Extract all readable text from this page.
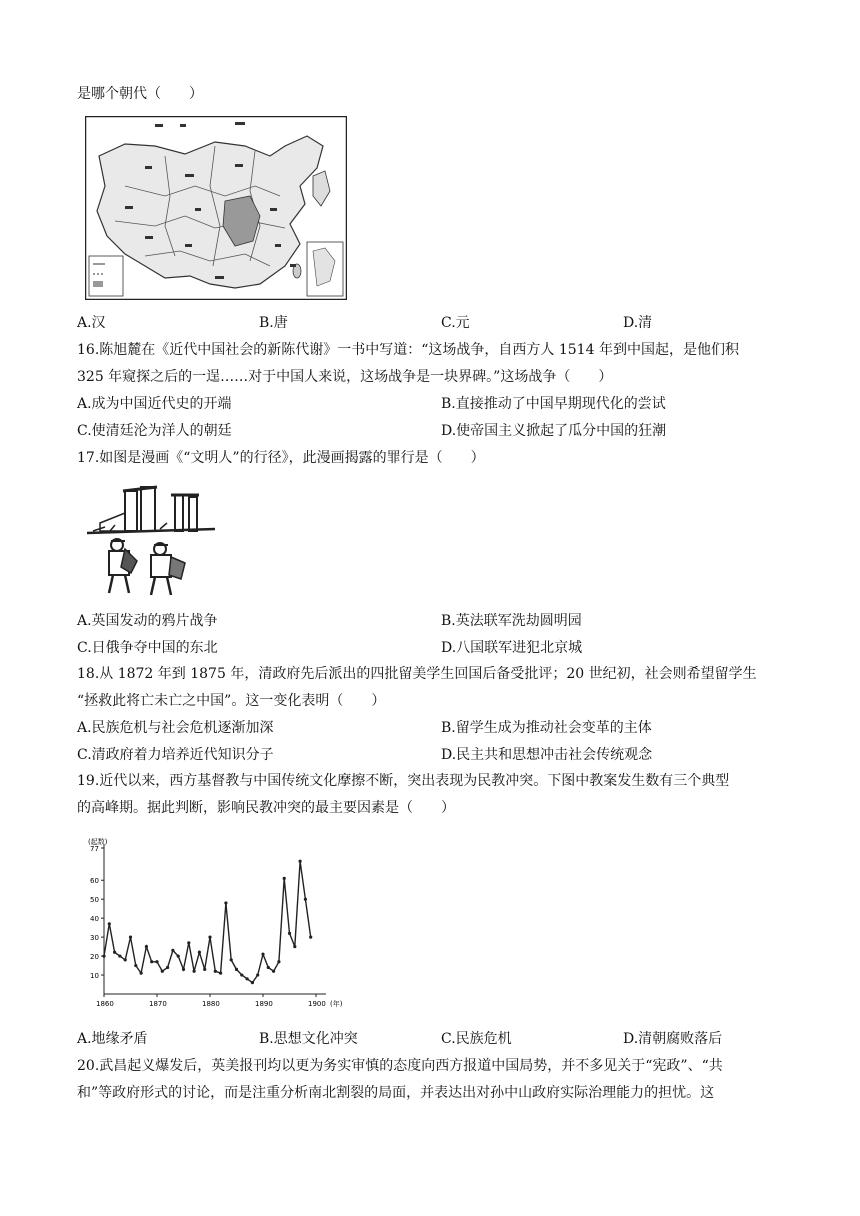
是哪个朝代（　　）
A.汉	B.唐	C.元	D.清
16.陈旭麓在《近代中国社会的新陈代谢》一书中写道：“这场战争，自西方人 1514 年到中国起，是他们积
325 年窥探之后的一逞……对于中国人来说，这场战争是一块界碑。”这场战争（　　）
A.成为中国近代史的开端	B.直接推动了中国早期现代化的尝试
C.使清廷沦为洋人的朝廷	D.使帝国主义掀起了瓜分中国的狂潮
17.如图是漫画《“文明人”的行径》，此漫画揭露的罪行是（　　）
A.英国发动的鸦片战争	B.英法联军洗劫圆明园
C.日俄争夺中国的东北	D.八国联军进犯北京城
18.从 1872 年到 1875 年，清政府先后派出的四批留美学生回国后备受批评；20 世纪初，社会则希望留学生
“拯救此将亡未亡之中国”。这一变化表明（　　）
A.民族危机与社会危机逐渐加深	B.留学生成为推动社会变革的主体
C.清政府着力培养近代知识分子	D.民主共和思想冲击社会传统观念
19.近代以来，西方基督教与中国传统文化摩擦不断，突出表现为民教冲突。下图中教案发生数有三个典型
的高峰期。据此判断，影响民教冲突的最主要因素是（　　）
(起数)
(年)
1860	1870	1880	1890	1900
10
20
30
40
50
60
77
A.地缘矛盾	B.思想文化冲突	C.民族危机	D.清朝腐败落后
20.武昌起义爆发后，英美报刊均以更为务实审慎的态度向西方报道中国局势，并不多见关于“宪政”、“共
和”等政府形式的讨论，而是注重分析南北割裂的局面，并表达出对孙中山政府实际治理能力的担忧。这
